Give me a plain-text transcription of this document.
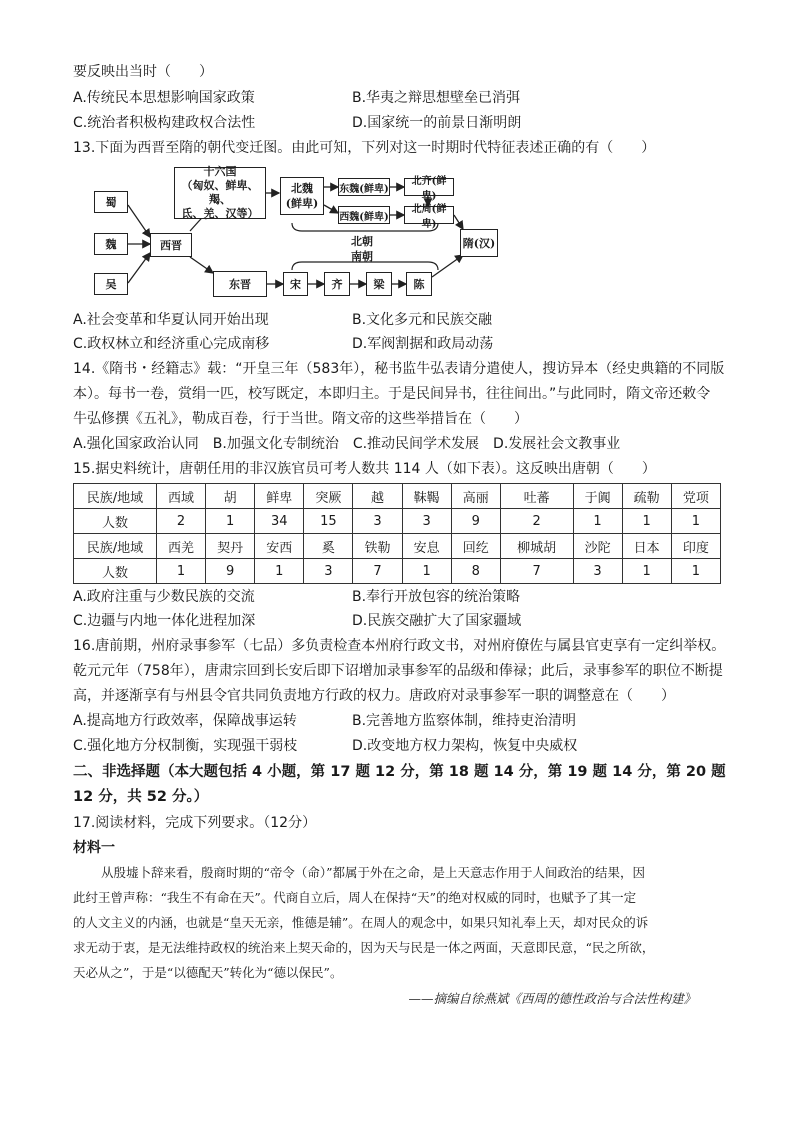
要反映出当时（　　）
A.传统民本思想影响国家政策	B.华夷之辩思想壁垒已消弭
C.统治者积极构建政权合法性	D.国家统一的前景日渐明朗
13.下面为西晋至隋的朝代变迁图。由此可知，下列对这一时期时代特征表述正确的有（　　）
蜀
魏
吴
西晋
十六国
（匈奴、鲜卑、羯、
氐、羌、汉等）
北魏
(鲜卑)
东魏(鲜卑)
西魏(鲜卑)
北齐(鲜卑)
北周(鲜卑)
北朝
南朝
隋(汉)
东晋	宋	齐	梁	陈
A.社会变革和华夏认同开始出现	B.文化多元和民族交融
C.政权林立和经济重心完成南移	D.军阀割据和政局动荡
14.《隋书・经籍志》载：“开皇三年（583年），秘书监牛弘表请分遣使人，搜访异本（经史典籍的不同版
本）。每书一卷，赏绢一匹，校写既定，本即归主。于是民间异书，往往间出。”与此同时，隋文帝还敕令
牛弘修撰《五礼》，勒成百卷，行于当世。隋文帝的这些举措旨在（　　）
A.强化国家政治认同　B.加强文化专制统治　C.推动民间学术发展　D.发展社会文教事业
15.据史料统计，唐朝任用的非汉族官员可考人数共 114 人（如下表）。这反映出唐朝（　　）
民族/地域	西域	胡	鲜卑	突厥	越	靺鞨	高丽	吐蕃	于阗	疏勒	党项
人数	2	1	34	15	3	3	9	2	1	1	1
民族/地域	西羌	契丹	安西	奚	铁勒	安息	回纥	柳城胡	沙陀	日本	印度
人数	1	9	1	3	7	1	8	7	3	1	1
A.政府注重与少数民族的交流	B.奉行开放包容的统治策略
C.边疆与内地一体化进程加深	D.民族交融扩大了国家疆域
16.唐前期，州府录事参军（七品）多负责检查本州府行政文书，对州府僚佐与属县官吏享有一定纠举权。
乾元元年（758年），唐肃宗回到长安后即下诏增加录事参军的品级和俸禄；此后，录事参军的职位不断提
高，并逐渐享有与州县令官共同负责地方行政的权力。唐政府对录事参军一职的调整意在（　　）
A.提高地方行政效率，保障战事运转	B.完善地方监察体制，维持吏治清明
C.强化地方分权制衡，实现强干弱枝	D.改变地方权力架构，恢复中央威权
二、非选择题（本大题包括 4 小题，第 17 题 12 分，第 18 题 14 分，第 19 题 14 分，第 20 题
12 分，共 52 分。）
17.阅读材料，完成下列要求。（12分）
材料一
从殷墟卜辞来看，殷商时期的“帝令（命）”都属于外在之命，是上天意志作用于人间政治的结果，因
此纣王曾声称：“我生不有命在天”。代商自立后，周人在保持“天”的绝对权威的同时，也赋予了其一定
的人文主义的内涵，也就是“皇天无亲，惟德是辅”。在周人的观念中，如果只知礼奉上天，却对民众的诉
求无动于衷，是无法维持政权的统治来上契天命的，因为天与民是一体之两面，天意即民意，“民之所欲，
天必从之”，于是“以德配天”转化为“德以保民”。
——摘编自徐燕斌《西周的德性政治与合法性构建》
